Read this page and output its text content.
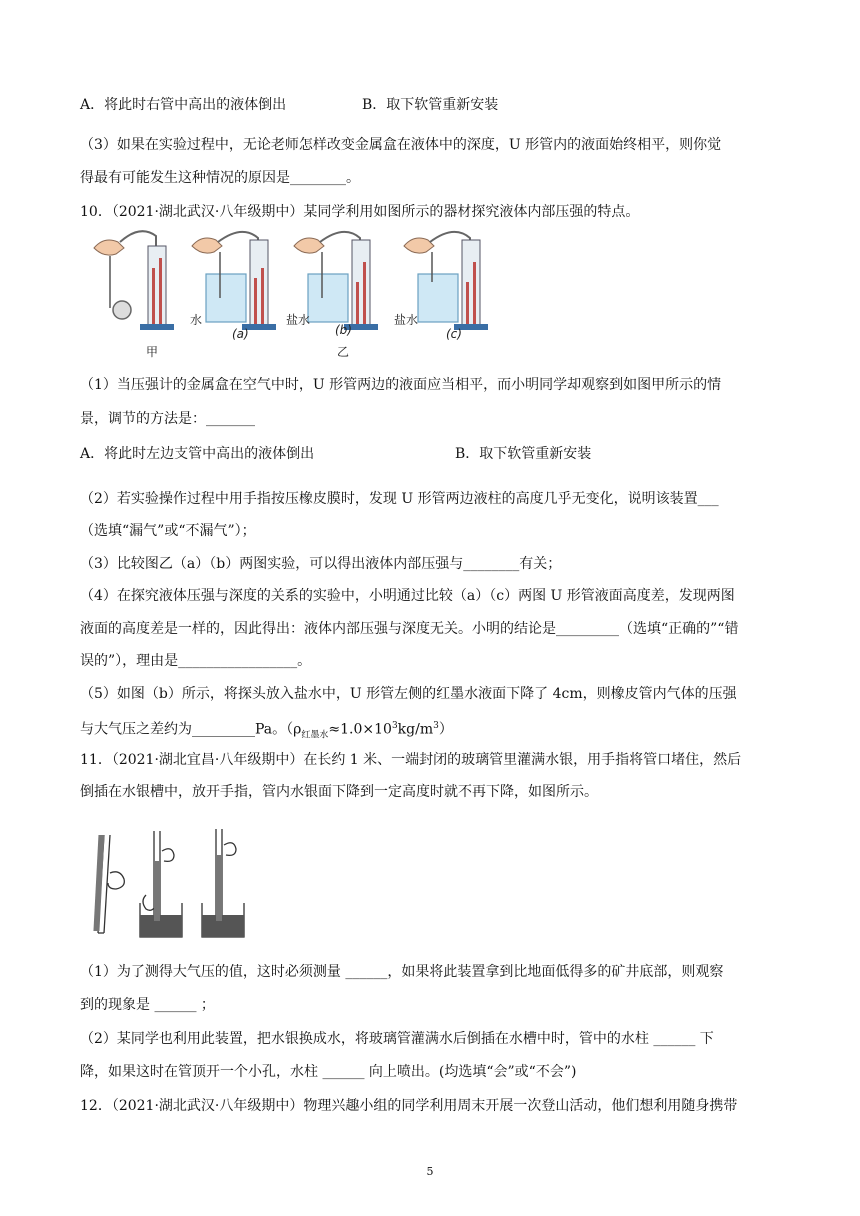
A．将此时右管中高出的液体倒出	B．取下软管重新安装
（3）如果在实验过程中，无论老师怎样改变金属盒在液体中的深度，U 形管内的液面始终相平，则你觉
得最有可能发生这种情况的原因是________。
10．（2021·湖北武汉·八年级期中）某同学利用如图所示的器材探究液体内部压强的特点。
水	盐水	盐水
(a)	(b)	(c)
甲	乙
（1）当压强计的金属盒在空气中时，U 形管两边的液面应当相平，而小明同学却观察到如图甲所示的情
景，调节的方法是：_______
A．将此时左边支管中高出的液体倒出	B．取下软管重新安装
（2）若实验操作过程中用手指按压橡皮膜时，发现 U 形管两边液柱的高度几乎无变化，说明该装置___
（选填“漏气”或“不漏气”）；
（3）比较图乙（a）（b）两图实验，可以得出液体内部压强与________有关；
（4）在探究液体压强与深度的关系的实验中，小明通过比较（a）（c）两图 U 形管液面高度差，发现两图
液面的高度差是一样的，因此得出：液体内部压强与深度无关。小明的结论是_________（选填“正确的”“错
误的”），理由是_________________。
（5）如图（b）所示，将探头放入盐水中，U 形管左侧的红墨水液面下降了 4cm，则橡皮管内气体的压强
与大气压之差约为_________Pa。$(\rho_{红墨水}\approx 1.0\times 10^3kg/m^3)$
11．（2021·湖北宜昌·八年级期中）在长约 1 米、一端封闭的玻璃管里灌满水银，用手指将管口堵住，然后
倒插在水银槽中，放开手指，管内水银面下降到一定高度时就不再下降，如图所示。
（1）为了测得大气压的值，这时必须测量 ______，如果将此装置拿到比地面低得多的矿井底部，则观察
到的现象是 ______ ；
（2）某同学也利用此装置，把水银换成水，将玻璃管灌满水后倒插在水槽中时，管中的水柱 ______ 下
降，如果这时在管顶开一个小孔，水柱 ______ 向上喷出。(均选填“会”或“不会”)
12．（2021·湖北武汉·八年级期中）物理兴趣小组的同学利用周末开展一次登山活动，他们想利用随身携带
5
